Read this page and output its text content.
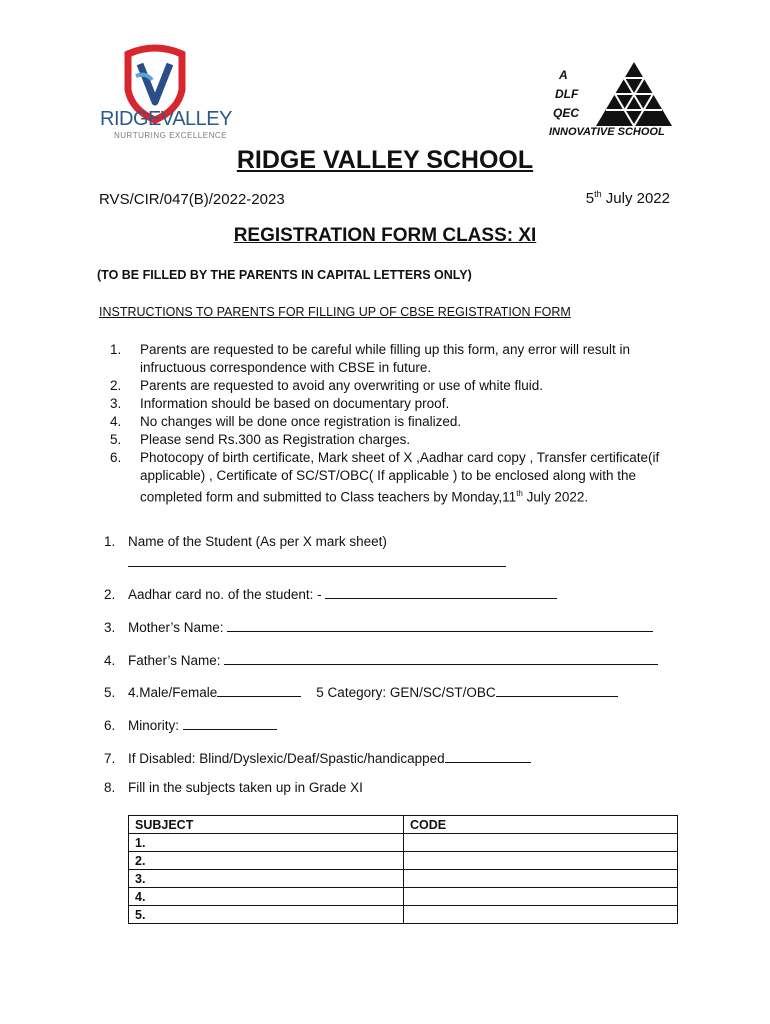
RIDGEVALLEY
NURTURING EXCELLENCE
A
DLF
QEC
INNOVATIVE SCHOOL
RIDGE VALLEY SCHOOL
RVS/CIR/047(B)/2022-2023	5th July 2022
REGISTRATION FORM CLASS: XI
(TO BE FILLED BY THE PARENTS IN CAPITAL LETTERS ONLY)
INSTRUCTIONS TO PARENTS FOR FILLING UP OF CBSE REGISTRATION FORM
1.	Parents are requested to be careful while filling up this form, any error will result in infructuous correspondence with CBSE in future.
2.	Parents are requested to avoid any overwriting or use of white fluid.
3.	Information should be based on documentary proof.
4.	No changes will be done once registration is finalized.
5.	Please send Rs.300 as Registration charges.
6.	Photocopy of birth certificate, Mark sheet of X ,Aadhar card copy , Transfer certificate(if applicable) , Certificate of SC/ST/OBC( If applicable ) to be enclosed along with the completed form and submitted to Class teachers by Monday,11th July 2022.
1. Name of the Student (As per X mark sheet)
2. Aadhar card no. of the student: -
3. Mother’s Name:
4. Father’s Name:
5. 4.Male/Female	5 Category: GEN/SC/ST/OBC
6. Minority:
7. If Disabled: Blind/Dyslexic/Deaf/Spastic/handicapped
8. Fill in the subjects taken up in Grade XI
SUBJECT	CODE
1.	
2.	
3.	
4.	
5.	
